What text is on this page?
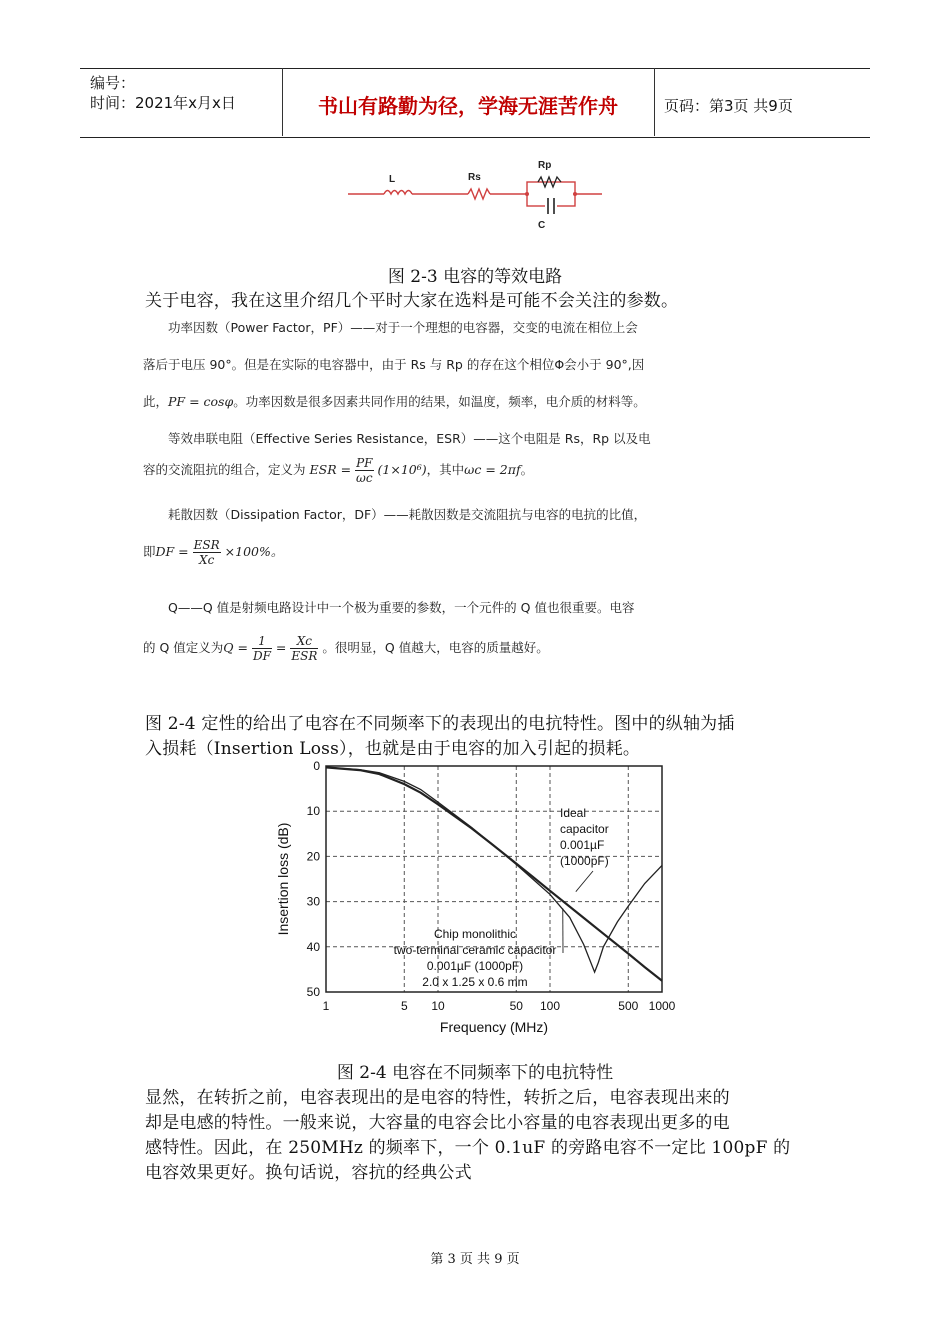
编号：
时间：2021年x月x日	书山有路勤为径，学海无涯苦作舟	页码：第3页 共9页
L	Rs
Rp
C
图 2-3 电容的等效电路
关于电容，我在这里介绍几个平时大家在选料是可能不会关注的参数。
功率因数（Power Factor，PF）——对于一个理想的电容器，交变的电流在相位上会
落后于电压 90°。但是在实际的电容器中，由于 Rs 与 Rp 的存在这个相位Φ会小于 90°,因
此，PF = cosφ。功率因数是很多因素共同作用的结果，如温度，频率，电介质的材料等。
等效串联电阻（Effective Series Resistance，ESR）——这个电阻是 Rs，Rp 以及电
容的交流阻抗的组合，定义为 ESR = $\frac{PF}{\omega c} (1\times 10^6)$，其中ωc = 2πf。
耗散因数（Dissipation Factor，DF）——耗散因数是交流阻抗与电容的电抗的比值，
即DF = $\frac{\text{ESR}}{Xc} \times 100\%$。
Q——Q 值是射频电路设计中一个极为重要的参数，一个元件的 Q 值也很重要。电容
的 Q 值定义为$Q = \frac{1}{DF} = \frac{Xc}{\text{ESR}}$ 。很明显，Q 值越大，电容的质量越好。
图 2-4 定性的给出了电容在不同频率下的表现出的电抗特性。图中的纵轴为插
入损耗（Insertion Loss），也就是由于电容的加入引起的损耗。
0
10
20
30
40
50
1	5 10	50 100	500 1000
Ideal
capacitor
0.001µF
(1000pF)
Chip monolithic
two-terminal ceramic capacitor
0.001µF (1000pF)
2.0 x 1.25 x 0.6 mm
Insertion loss (dB)
Frequency (MHz)
图 2-4 电容在不同频率下的电抗特性
显然，在转折之前，电容表现出的是电容的特性，转折之后，电容表现出来的
却是电感的特性。一般来说，大容量的电容会比小容量的电容表现出更多的电
感特性。因此，在 250MHz 的频率下，一个 0.1uF 的旁路电容不一定比 100pF 的
电容效果更好。换句话说，容抗的经典公式
第 3 页 共 9 页
